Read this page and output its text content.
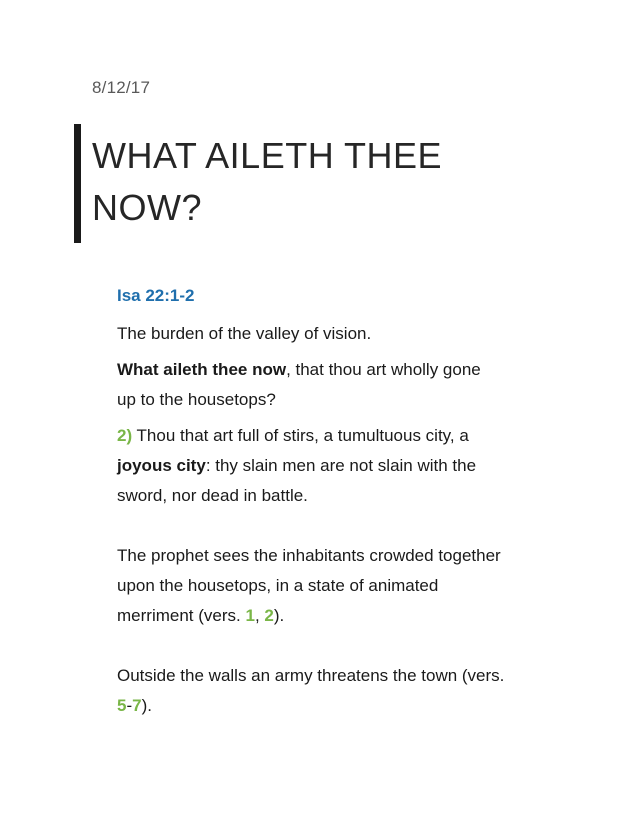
8/12/17
WHAT AILETH THEE
NOW?

Isa 22:1-2

The burden of the valley of vision.

What aileth thee now, that thou art wholly gone
up to the housetops?

2) Thou that art full of stirs, a tumultuous city, a
joyous city: thy slain men are not slain with the
sword, nor dead in battle.

The prophet sees the inhabitants crowded together
upon the housetops, in a state of animated
merriment (vers. 1, 2).

Outside the walls an army threatens the town (vers.
5-7).
